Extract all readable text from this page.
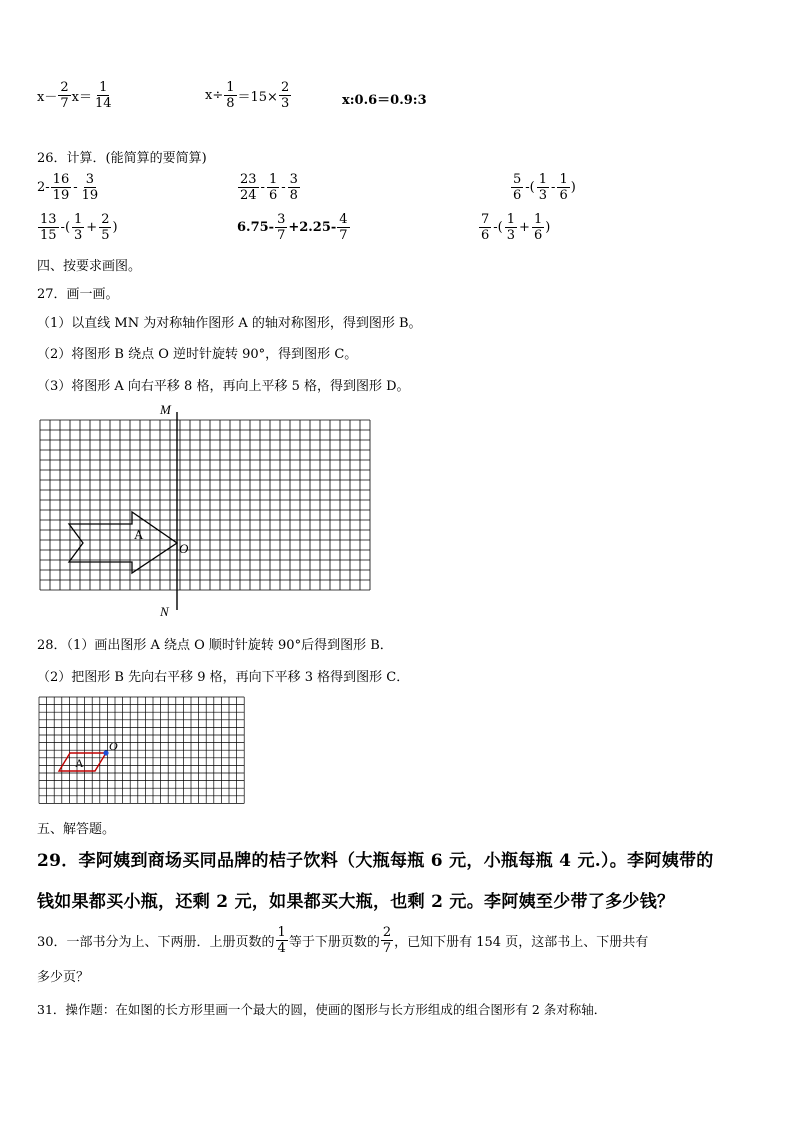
$x- \frac{2}{7} x= \frac{1}{14}$	$x\div \frac{1}{8} =15\times \frac{2}{3}$	x:0.6＝0.9:3
26．计算．(能简算的要简算)
$2- \frac{16}{19} - \frac{3}{19}$	$\frac{23}{24} - \frac{1}{6} - \frac{3}{8}$	$\frac{5}{6}$ -( $\frac{1}{3} - \frac{1}{6}$ )
$\frac{13}{15}$ -( $\frac{1}{3} + \frac{2}{5}$ )	$6.75- \frac{3}{7} +2.25- \frac{4}{7}$	$\frac{7}{6}$ -( $\frac{1}{3} + \frac{1}{6}$ )
四、按要求画图。
27．画一画。
（1）以直线 MN 为对称轴作图形 A 的轴对称图形，得到图形 B。
（2）将图形 B 绕点 O 逆时针旋转 90°，得到图形 C。
（3）将图形 A 向右平移 8 格，再向上平移 5 格，得到图形 D。
M
N
O
A
28．（1）画出图形 A 绕点 O 顺时针旋转 90°后得到图形 B．
（2）把图形 B 先向右平移 9 格，再向下平移 3 格得到图形 C．
A
O
五、解答题。
29．李阿姨到商场买同品牌的桔子饮料（大瓶每瓶 6 元，小瓶每瓶 4 元.）。李阿姨带的
钱如果都买小瓶，还剩 2 元，如果都买大瓶，也剩 2 元。李阿姨至少带了多少钱？
30．一部书分为上、下两册．上册页数的 $\frac{1}{4}$ 等于下册页数的 $\frac{2}{7}$ ，已知下册有 154 页，这部书上、下册共有
多少页？
31．操作题：在如图的长方形里画一个最大的圆，使画的图形与长方形组成的组合图形有 2 条对称轴．
